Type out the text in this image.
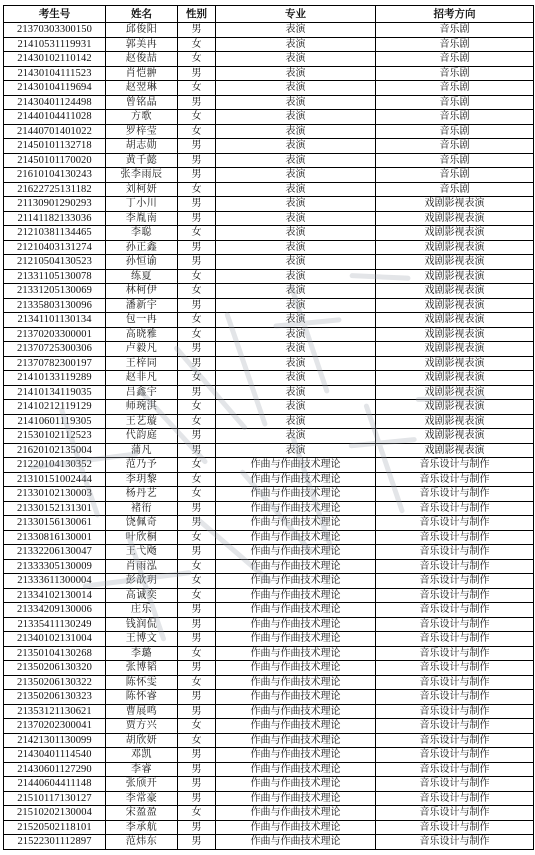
考生号	姓名	性别	专业	招考方向
21370303300150	邱俊阳	男	表演	音乐剧
21410531119931	郭美冉	女	表演	音乐剧
21430102110142	赵俊喆	女	表演	音乐剧
21430104111523	肖恺翀	男	表演	音乐剧
21430104119694	赵翌琳	女	表演	音乐剧
21430401124498	曾铭晶	男	表演	音乐剧
21440104411028	方歌	女	表演	音乐剧
21440701401022	罗梓莹	女	表演	音乐剧
21450101132718	胡志勋	男	表演	音乐剧
21450101170020	黄千懿	男	表演	音乐剧
21610104130243	张李雨辰	男	表演	音乐剧
21622725131182	刘柯妍	女	表演	音乐剧
21130901290293	丁小川	男	表演	戏剧影视表演
21141182133036	李胤南	男	表演	戏剧影视表演
21210381134465	李聪	女	表演	戏剧影视表演
21210403131274	孙正鑫	男	表演	戏剧影视表演
21210504130523	孙恒谕	男	表演	戏剧影视表演
21331105130078	练夏	女	表演	戏剧影视表演
21331205130069	林柯伊	女	表演	戏剧影视表演
21335803130096	潘新宇	男	表演	戏剧影视表演
21341101130134	包一冉	女	表演	戏剧影视表演
21370203300001	高晓雅	女	表演	戏剧影视表演
21370725300306	卢毅凡	男	表演	戏剧影视表演
21370782300197	王梓同	男	表演	戏剧影视表演
21410133119289	赵非凡	女	表演	戏剧影视表演
21410134119035	吕鑫宇	男	表演	戏剧影视表演
21410212119129	师琬淇	女	表演	戏剧影视表演
21410601119305	王艺璇	女	表演	戏剧影视表演
21530102112523	代韵庭	男	表演	戏剧影视表演
21620102135004	蒲凡	男	表演	戏剧影视表演
21220104130352	范乃予	女	作曲与作曲技术理论	音乐设计与制作
21310151002444	李玥黎	女	作曲与作曲技术理论	音乐设计与制作
21330102130003	杨丹艺	女	作曲与作曲技术理论	音乐设计与制作
21330152131301	褚衎	男	作曲与作曲技术理论	音乐设计与制作
21330156130061	饶佩奇	男	作曲与作曲技术理论	音乐设计与制作
21330816130001	叶欣桐	女	作曲与作曲技术理论	音乐设计与制作
21332206130047	王弋飏	男	作曲与作曲技术理论	音乐设计与制作
21333305130009	肖雨泓	女	作曲与作曲技术理论	音乐设计与制作
21333611300004	彭歆玥	女	作曲与作曲技术理论	音乐设计与制作
21334102130014	高诚奕	女	作曲与作曲技术理论	音乐设计与制作
21334209130006	庄乐	男	作曲与作曲技术理论	音乐设计与制作
21335411130249	钱润侃	男	作曲与作曲技术理论	音乐设计与制作
21340102131004	王博文	男	作曲与作曲技术理论	音乐设计与制作
21350104130268	李璐	女	作曲与作曲技术理论	音乐设计与制作
21350206130320	张博韬	男	作曲与作曲技术理论	音乐设计与制作
21350206130322	陈怀雯	女	作曲与作曲技术理论	音乐设计与制作
21350206130323	陈怀睿	男	作曲与作曲技术理论	音乐设计与制作
21353121130621	曹展鸣	男	作曲与作曲技术理论	音乐设计与制作
21370202300041	贾方兴	女	作曲与作曲技术理论	音乐设计与制作
21421301130099	胡欣妍	女	作曲与作曲技术理论	音乐设计与制作
21430401114540	邓凯	男	作曲与作曲技术理论	音乐设计与制作
21430601127290	李睿	男	作曲与作曲技术理论	音乐设计与制作
21440604411148	张颀开	男	作曲与作曲技术理论	音乐设计与制作
21510117130127	李常豪	男	作曲与作曲技术理论	音乐设计与制作
21510202130004	宋盈盈	女	作曲与作曲技术理论	音乐设计与制作
21520502118101	李承航	男	作曲与作曲技术理论	音乐设计与制作
21522301112897	范炜东	男	作曲与作曲技术理论	音乐设计与制作
